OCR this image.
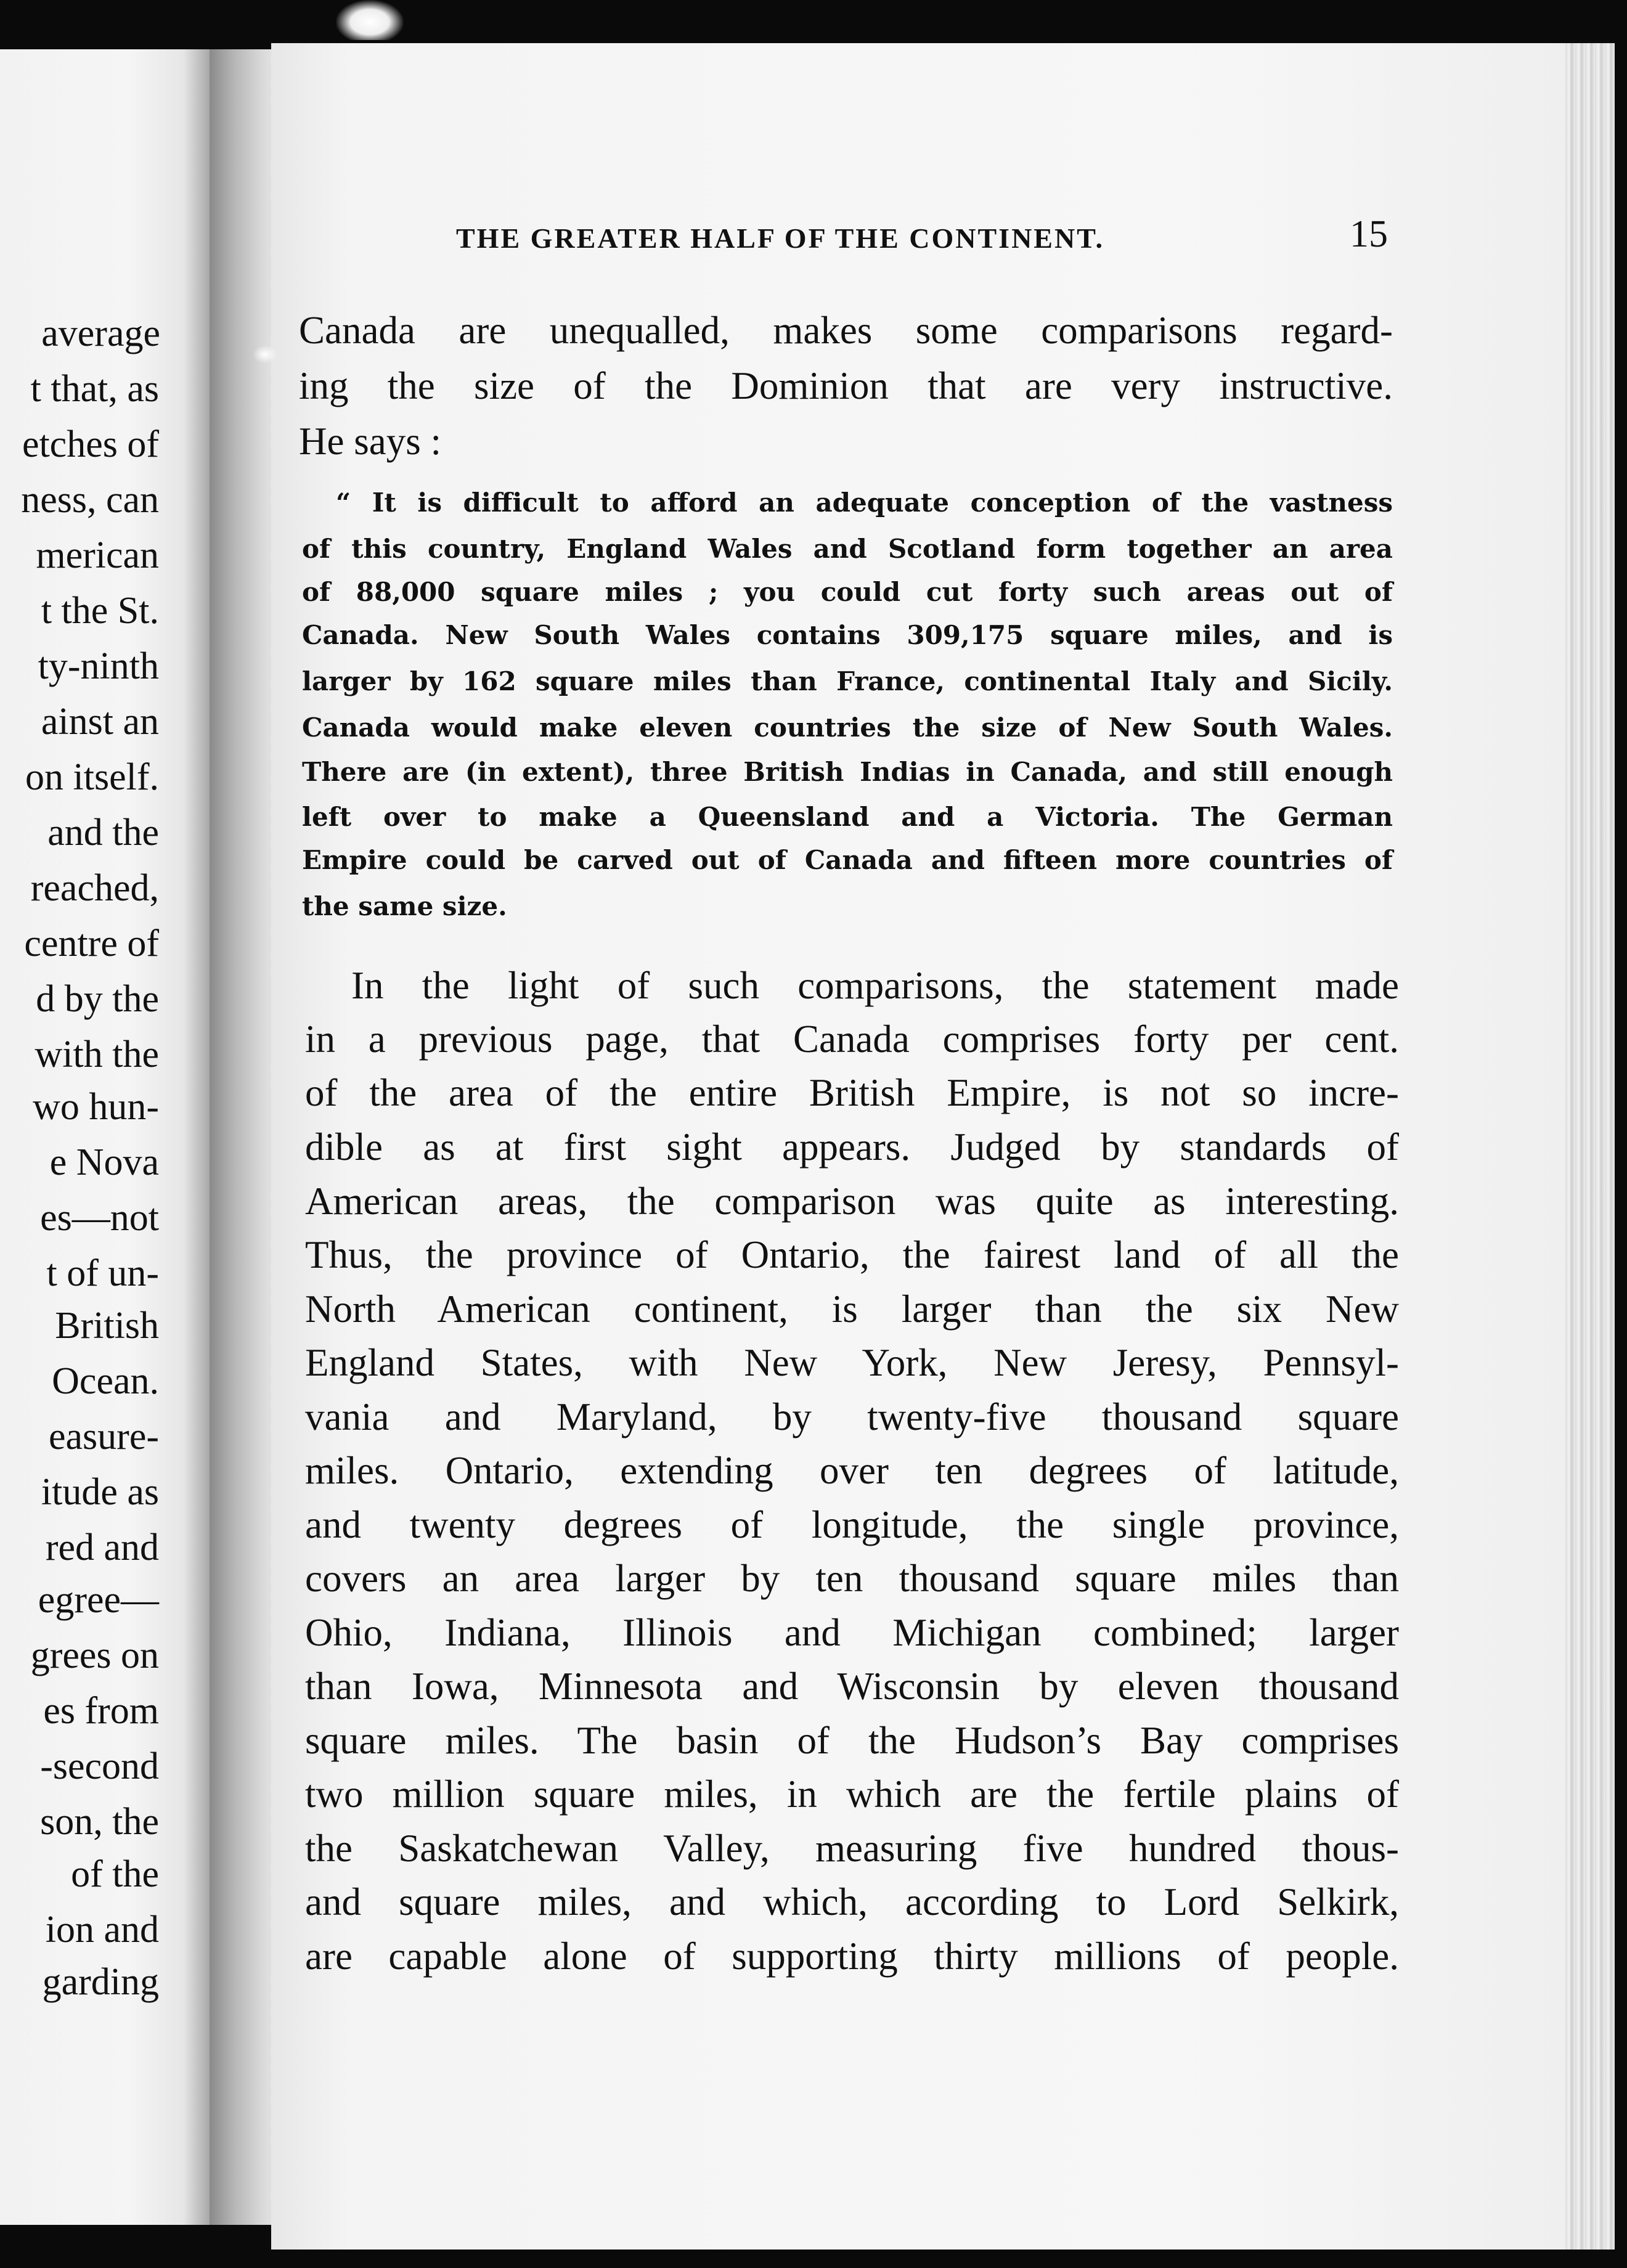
average
t that, as
etches of
ness, can
merican
t the St.
ty-ninth
ainst an
on itself.
and the
reached,
centre of
d by the
with the
wo hun-
e Nova
es—not
t of un-
British
Ocean.
easure-
itude as
red and
egree—
grees on
es from
-second
son, the
of the
ion and
garding
THE GREATER HALF OF THE CONTINENT.	15
Canada are unequalled, makes some comparisons regard-
ing the size of the Dominion that are very instructive.
He says :
“ It is difficult to afford an adequate conception of the vastness
of this country, England Wales and Scotland form together an area
of 88,000 square miles ; you could cut forty such areas out of
Canada. New South Wales contains 309,175 square miles, and is
larger by 162 square miles than France, continental Italy and Sicily.
Canada would make eleven countries the size of New South Wales.
There are (in extent), three British Indias in Canada, and still enough
left over to make a Queensland and a Victoria. The German
Empire could be carved out of Canada and fifteen more countries of
the same size.
In the light of such comparisons, the statement made
in a previous page, that Canada comprises forty per cent.
of the area of the entire British Empire, is not so incre-
dible as at first sight appears. Judged by standards of
American areas, the comparison was quite as interesting.
Thus, the province of Ontario, the fairest land of all the
North American continent, is larger than the six New
England States, with New York, New Jeresy, Pennsyl-
vania and Maryland, by twenty-five thousand square
miles. Ontario, extending over ten degrees of latitude,
and twenty degrees of longitude, the single province,
covers an area larger by ten thousand square miles than
Ohio, Indiana, Illinois and Michigan combined; larger
than Iowa, Minnesota and Wisconsin by eleven thousand
square miles. The basin of the Hudson’s Bay comprises
two million square miles, in which are the fertile plains of
the Saskatchewan Valley, measuring five hundred thous-
and square miles, and which, according to Lord Selkirk,
are capable alone of supporting thirty millions of people.
